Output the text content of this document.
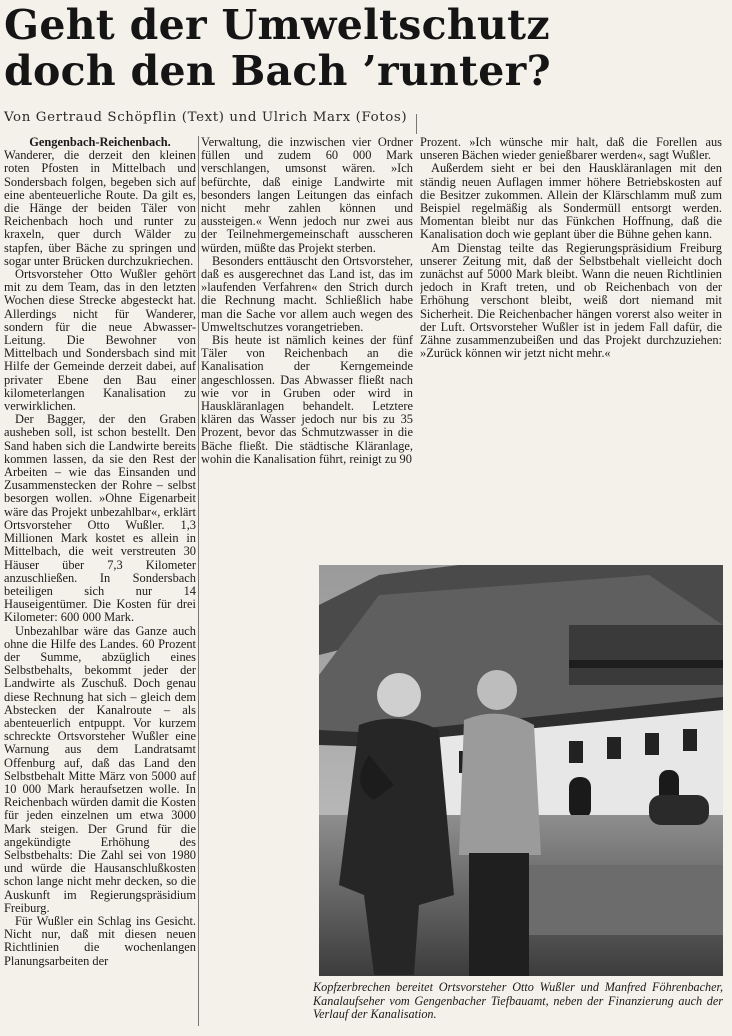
Geht der Umweltschutz
doch den Bach ’runter?
Von Gertraud Schöpflin (Text) und Ulrich Marx (Fotos)
Gengenbach-Reichenbach.

Wanderer, die derzeit den kleinen roten Pfosten in Mittelbach und Sondersbach folgen, begeben sich auf eine abenteuerliche Route. Da gilt es, die Hänge der beiden Täler von Reichenbach hoch und runter zu kraxeln, quer durch Wälder zu stapfen, über Bäche zu springen und sogar unter Brücken durchzukriechen.

Ortsvorsteher Otto Wußler gehört mit zu dem Team, das in den letzten Wochen diese Strecke abgesteckt hat. Allerdings nicht für Wanderer, sondern für die neue Abwasser-Leitung. Die Bewohner von Mittelbach und Sondersbach sind mit Hilfe der Gemeinde derzeit dabei, auf privater Ebene den Bau einer kilometerlangen Kanalisation zu verwirklichen.

Der Bagger, der den Graben ausheben soll, ist schon bestellt. Den Sand haben sich die Landwirte bereits kommen lassen, da sie den Rest der Arbeiten – wie das Einsanden und Zusammenstecken der Rohre – selbst besorgen wollen. »Ohne Eigenarbeit wäre das Projekt unbezahlbar«, erklärt Ortsvorsteher Otto Wußler. 1,3 Millionen Mark kostet es allein in Mittelbach, die weit verstreuten 30 Häuser über 7,3 Kilometer anzuschließen. In Sondersbach beteiligen sich nur 14 Hauseigentümer. Die Kosten für drei Kilometer: 600 000 Mark.

Unbezahlbar wäre das Ganze auch ohne die Hilfe des Landes. 60 Prozent der Summe, abzüglich eines Selbstbehalts, bekommt jeder der Landwirte als Zuschuß. Doch genau diese Rechnung hat sich – gleich dem Abstecken der Kanalroute – als abenteuerlich entpuppt. Vor kurzem schreckte Ortsvorsteher Wußler eine Warnung aus dem Landratsamt Offenburg auf, daß das Land den Selbstbehalt Mitte März von 5000 auf 10 000 Mark heraufsetzen wolle. In Reichenbach würden damit die Kosten für jeden einzelnen um etwa 3000 Mark steigen. Der Grund für die angekündigte Erhöhung des Selbstbehalts: Die Zahl sei von 1980 und würde die Hausanschlußkosten schon lange nicht mehr decken, so die Auskunft im Regierungspräsidium Freiburg.

Für Wußler ein Schlag ins Gesicht. Nicht nur, daß mit diesen neuen Richtlinien die wochenlangen Planungsarbeiten der

Verwaltung, die inzwischen vier Ordner füllen und zudem 60 000 Mark verschlangen, umsonst wären. »Ich befürchte, daß einige Landwirte mit besonders langen Leitungen das einfach nicht mehr zahlen können und aussteigen.« Wenn jedoch nur zwei aus der Teilnehmergemeinschaft ausscheren würden, müßte das Projekt sterben.

Besonders enttäuscht den Ortsvorsteher, daß es ausgerechnet das Land ist, das im »laufenden Verfahren« den Strich durch die Rechnung macht. Schließlich habe man die Sache vor allem auch wegen des Umweltschutzes vorangetrieben.

Bis heute ist nämlich keines der fünf Täler von Reichenbach an die Kanalisation der Kerngemeinde angeschlossen. Das Abwasser fließt nach wie vor in Gruben oder wird in Hauskläranlagen behandelt. Letztere klären das Wasser jedoch nur bis zu 35 Prozent, bevor das Schmutzwasser in die Bäche fließt. Die städtische Kläranlage, wohin die Kanalisation führt, reinigt zu 90

Prozent. »Ich wünsche mir halt, daß die Forellen aus unseren Bächen wieder genießbarer werden«, sagt Wußler.

Außerdem sieht er bei den Hauskläranlagen mit den ständig neuen Auflagen immer höhere Betriebskosten auf die Besitzer zukommen. Allein der Klärschlamm muß zum Beispiel regelmäßig als Sondermüll entsorgt werden. Momentan bleibt nur das Fünkchen Hoffnung, daß die Kanalisation doch wie geplant über die Bühne gehen kann.

Am Dienstag teilte das Regierungspräsidium Freiburg unserer Zeitung mit, daß der Selbstbehalt vielleicht doch zunächst auf 5000 Mark bleibt. Wann die neuen Richtlinien jedoch in Kraft treten, und ob Reichenbach von der Erhöhung verschont bleibt, weiß dort niemand mit Sicherheit. Die Reichenbacher hängen vorerst also weiter in der Luft. Ortsvorsteher Wußler ist in jedem Fall dafür, die Zähne zusammenzubeißen und das Projekt durchzuziehen: »Zurück können wir jetzt nicht mehr.«

Kopfzerbrechen bereitet Ortsvorsteher Otto Wußler und Manfred Föhrenbacher, Kanalaufseher vom Gengenbacher Tiefbauamt, neben der Finanzierung auch der Verlauf der Kanalisation.
